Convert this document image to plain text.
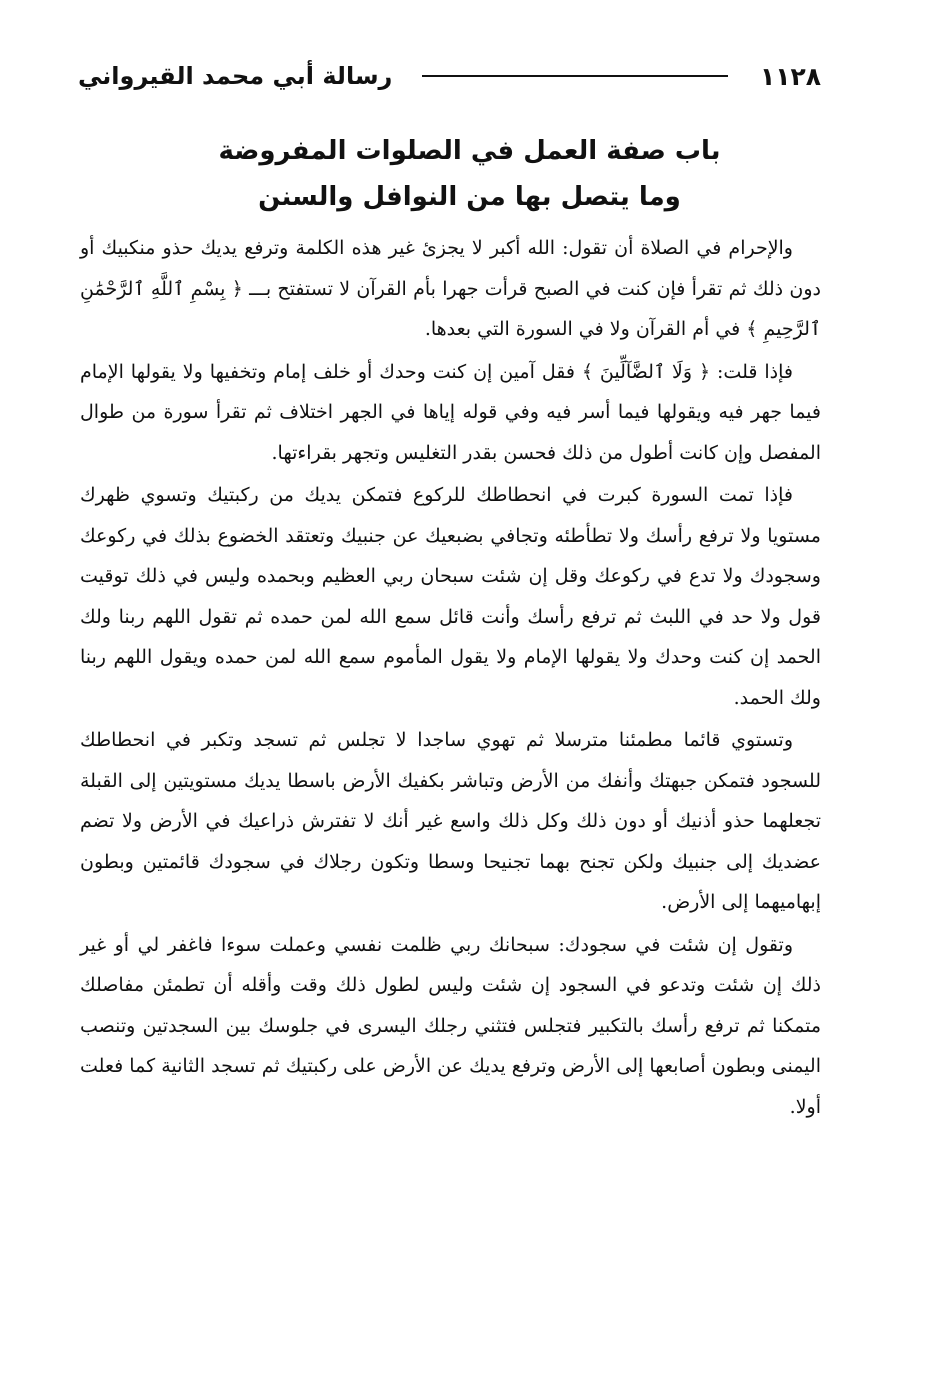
١١٢٨
رسالة أبي محمد القيرواني
باب صفة العمل في الصلوات المفروضة
وما يتصل بها من النوافل والسنن

والإحرام في الصلاة أن تقول: الله أكبر لا يجزئ غير هذه الكلمة وترفع يديك حذو منكبيك أو دون ذلك ثم تقرأ فإن كنت في الصبح قرأت جهرا بأم القرآن لا تستفتح بـــ ﴿ بِسْمِ ٱللَّهِ ٱلرَّحْمَٰنِ ٱلرَّحِيمِ ﴾ في أم القرآن ولا في السورة التي بعدها.

فإذا قلت: ﴿ وَلَا ٱلضَّآلِّينَ ﴾ فقل آمين إن كنت وحدك أو خلف إمام وتخفيها ولا يقولها الإمام فيما جهر فيه ويقولها فيما أسر فيه وفي قوله إياها في الجهر اختلاف ثم تقرأ سورة من طوال المفصل وإن كانت أطول من ذلك فحسن بقدر التغليس وتجهر بقراءتها.

فإذا تمت السورة كبرت في انحطاطك للركوع فتمكن يديك من ركبتيك وتسوي ظهرك مستويا ولا ترفع رأسك ولا تطأطئه وتجافي بضبعيك عن جنبيك وتعتقد الخضوع بذلك في ركوعك وسجودك ولا تدع في ركوعك وقل إن شئت سبحان ربي العظيم وبحمده وليس في ذلك توقيت قول ولا حد في اللبث ثم ترفع رأسك وأنت قائل سمع الله لمن حمده ثم تقول اللهم ربنا ولك الحمد إن كنت وحدك ولا يقولها الإمام ولا يقول المأموم سمع الله لمن حمده ويقول اللهم ربنا ولك الحمد.

وتستوي قائما مطمئنا مترسلا ثم تهوي ساجدا لا تجلس ثم تسجد وتكبر في انحطاطك للسجود فتمكن جبهتك وأنفك من الأرض وتباشر بكفيك الأرض باسطا يديك مستويتين إلى القبلة تجعلهما حذو أذنيك أو دون ذلك وكل ذلك واسع غير أنك لا تفترش ذراعيك في الأرض ولا تضم عضديك إلى جنبيك ولكن تجنح بهما تجنيحا وسطا وتكون رجلاك في سجودك قائمتين وبطون إبهاميهما إلى الأرض.

وتقول إن شئت في سجودك: سبحانك ربي ظلمت نفسي وعملت سوءا فاغفر لي أو غير ذلك إن شئت وتدعو في السجود إن شئت وليس لطول ذلك وقت وأقله أن تطمئن مفاصلك متمكنا ثم ترفع رأسك بالتكبير فتجلس فتثني رجلك اليسرى في جلوسك بين السجدتين وتنصب اليمنى وبطون أصابعها إلى الأرض وترفع يديك عن الأرض على ركبتيك ثم تسجد الثانية كما فعلت أولا.
